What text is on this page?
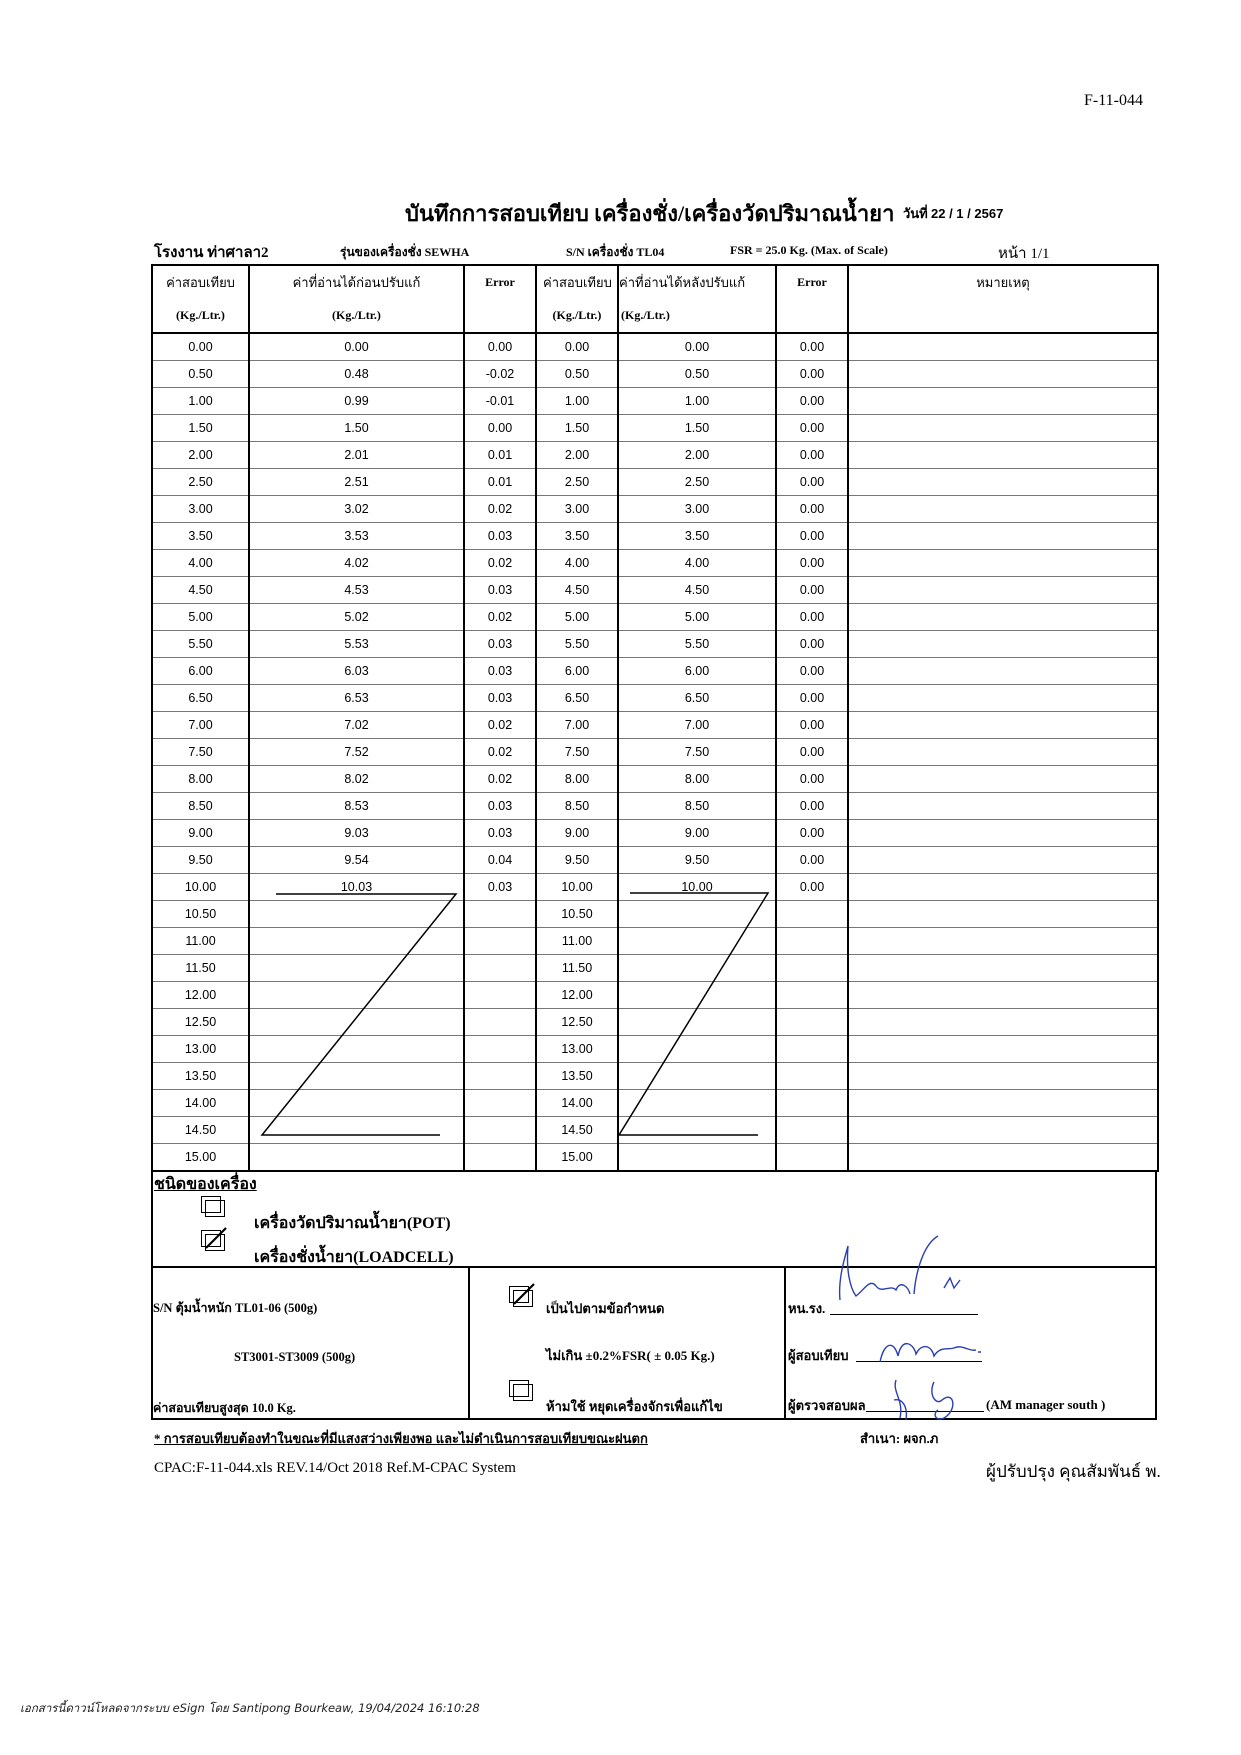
F-11-044
บันทึกการสอบเทียบ เครื่องชั่ง/เครื่องวัดปริมาณน้ำยา วันที่ 22 / 1 / 2567
โรงงาน ท่าศาลา2	รุ่นของเครื่องชั่ง SEWHA	S/N เครื่องชั่ง TL04	FSR = 25.0 Kg. (Max. of Scale)	หน้า 1/1
ค่าสอบเทียบ	ค่าที่อ่านได้ก่อนปรับแก้	Error	ค่าสอบเทียบ	ค่าที่อ่านได้หลังปรับแก้	Error	หมายเหตุ
(Kg./Ltr.)	(Kg./Ltr.)		(Kg./Ltr.)	(Kg./Ltr.)		
0.00	0.00	0.00	0.00	0.00	0.00	
0.50	0.48	-0.02	0.50	0.50	0.00	
1.00	0.99	-0.01	1.00	1.00	0.00	
1.50	1.50	0.00	1.50	1.50	0.00	
2.00	2.01	0.01	2.00	2.00	0.00	
2.50	2.51	0.01	2.50	2.50	0.00	
3.00	3.02	0.02	3.00	3.00	0.00	
3.50	3.53	0.03	3.50	3.50	0.00	
4.00	4.02	0.02	4.00	4.00	0.00	
4.50	4.53	0.03	4.50	4.50	0.00	
5.00	5.02	0.02	5.00	5.00	0.00	
5.50	5.53	0.03	5.50	5.50	0.00	
6.00	6.03	0.03	6.00	6.00	0.00	
6.50	6.53	0.03	6.50	6.50	0.00	
7.00	7.02	0.02	7.00	7.00	0.00	
7.50	7.52	0.02	7.50	7.50	0.00	
8.00	8.02	0.02	8.00	8.00	0.00	
8.50	8.53	0.03	8.50	8.50	0.00	
9.00	9.03	0.03	9.00	9.00	0.00	
9.50	9.54	0.04	9.50	9.50	0.00	
10.00	10.03	0.03	10.00	10.00	0.00	
10.50			10.50			
11.00			11.00			
11.50			11.50			
12.00			12.00			
12.50			12.50			
13.00			13.00			
13.50			13.50			
14.00			14.00			
14.50			14.50			
15.00			15.00			
ชนิดของเครื่อง
เครื่องวัดปริมาณน้ำยา(POT)
เครื่องชั่งน้ำยา(LOADCELL)
S/N ตุ้มน้ำหนัก TL01-06 (500g)
ST3001-ST3009 (500g)
ค่าสอบเทียบสูงสุด 10.0 Kg.
เป็นไปตามข้อกำหนด
ไม่เกิน ±0.2%FSR( ± 0.05 Kg.)
ห้ามใช้ หยุดเครื่องจักรเพื่อแก้ไข
หน.รง.
ผู้สอบเทียบ
ผู้ตรวจสอบผล	(AM manager south )
* การสอบเทียบต้องทำในขณะที่มีแสงสว่างเพียงพอ และไม่ดำเนินการสอบเทียบขณะฝนตก	สำเนา: ผจก.ภ
CPAC:F-11-044.xls REV.14/Oct 2018 Ref.M-CPAC System	ผู้ปรับปรุง คุณสัมพันธ์ พ.
เอกสารนี้ดาวน์โหลดจากระบบ eSign โดย Santipong Bourkeaw, 19/04/2024 16:10:28
